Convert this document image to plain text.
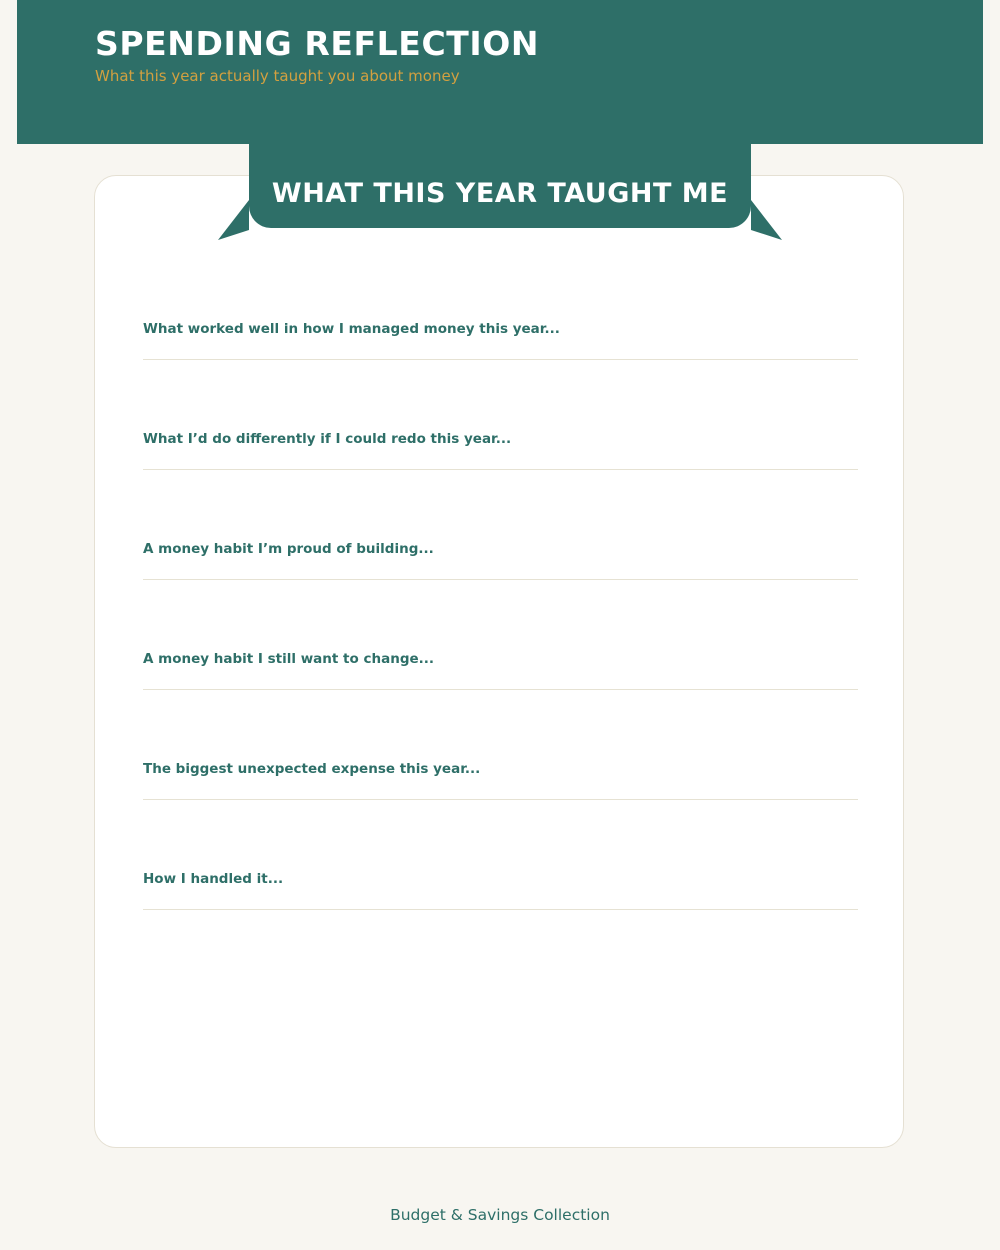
SPENDING REFLECTION

What this year actually taught you about money

WHAT THIS YEAR TAUGHT ME
What worked well in how I managed money this year...
What I’d do differently if I could redo this year...
A money habit I’m proud of building...
A money habit I still want to change...
The biggest unexpected expense this year...
How I handled it...
Budget & Savings Collection
